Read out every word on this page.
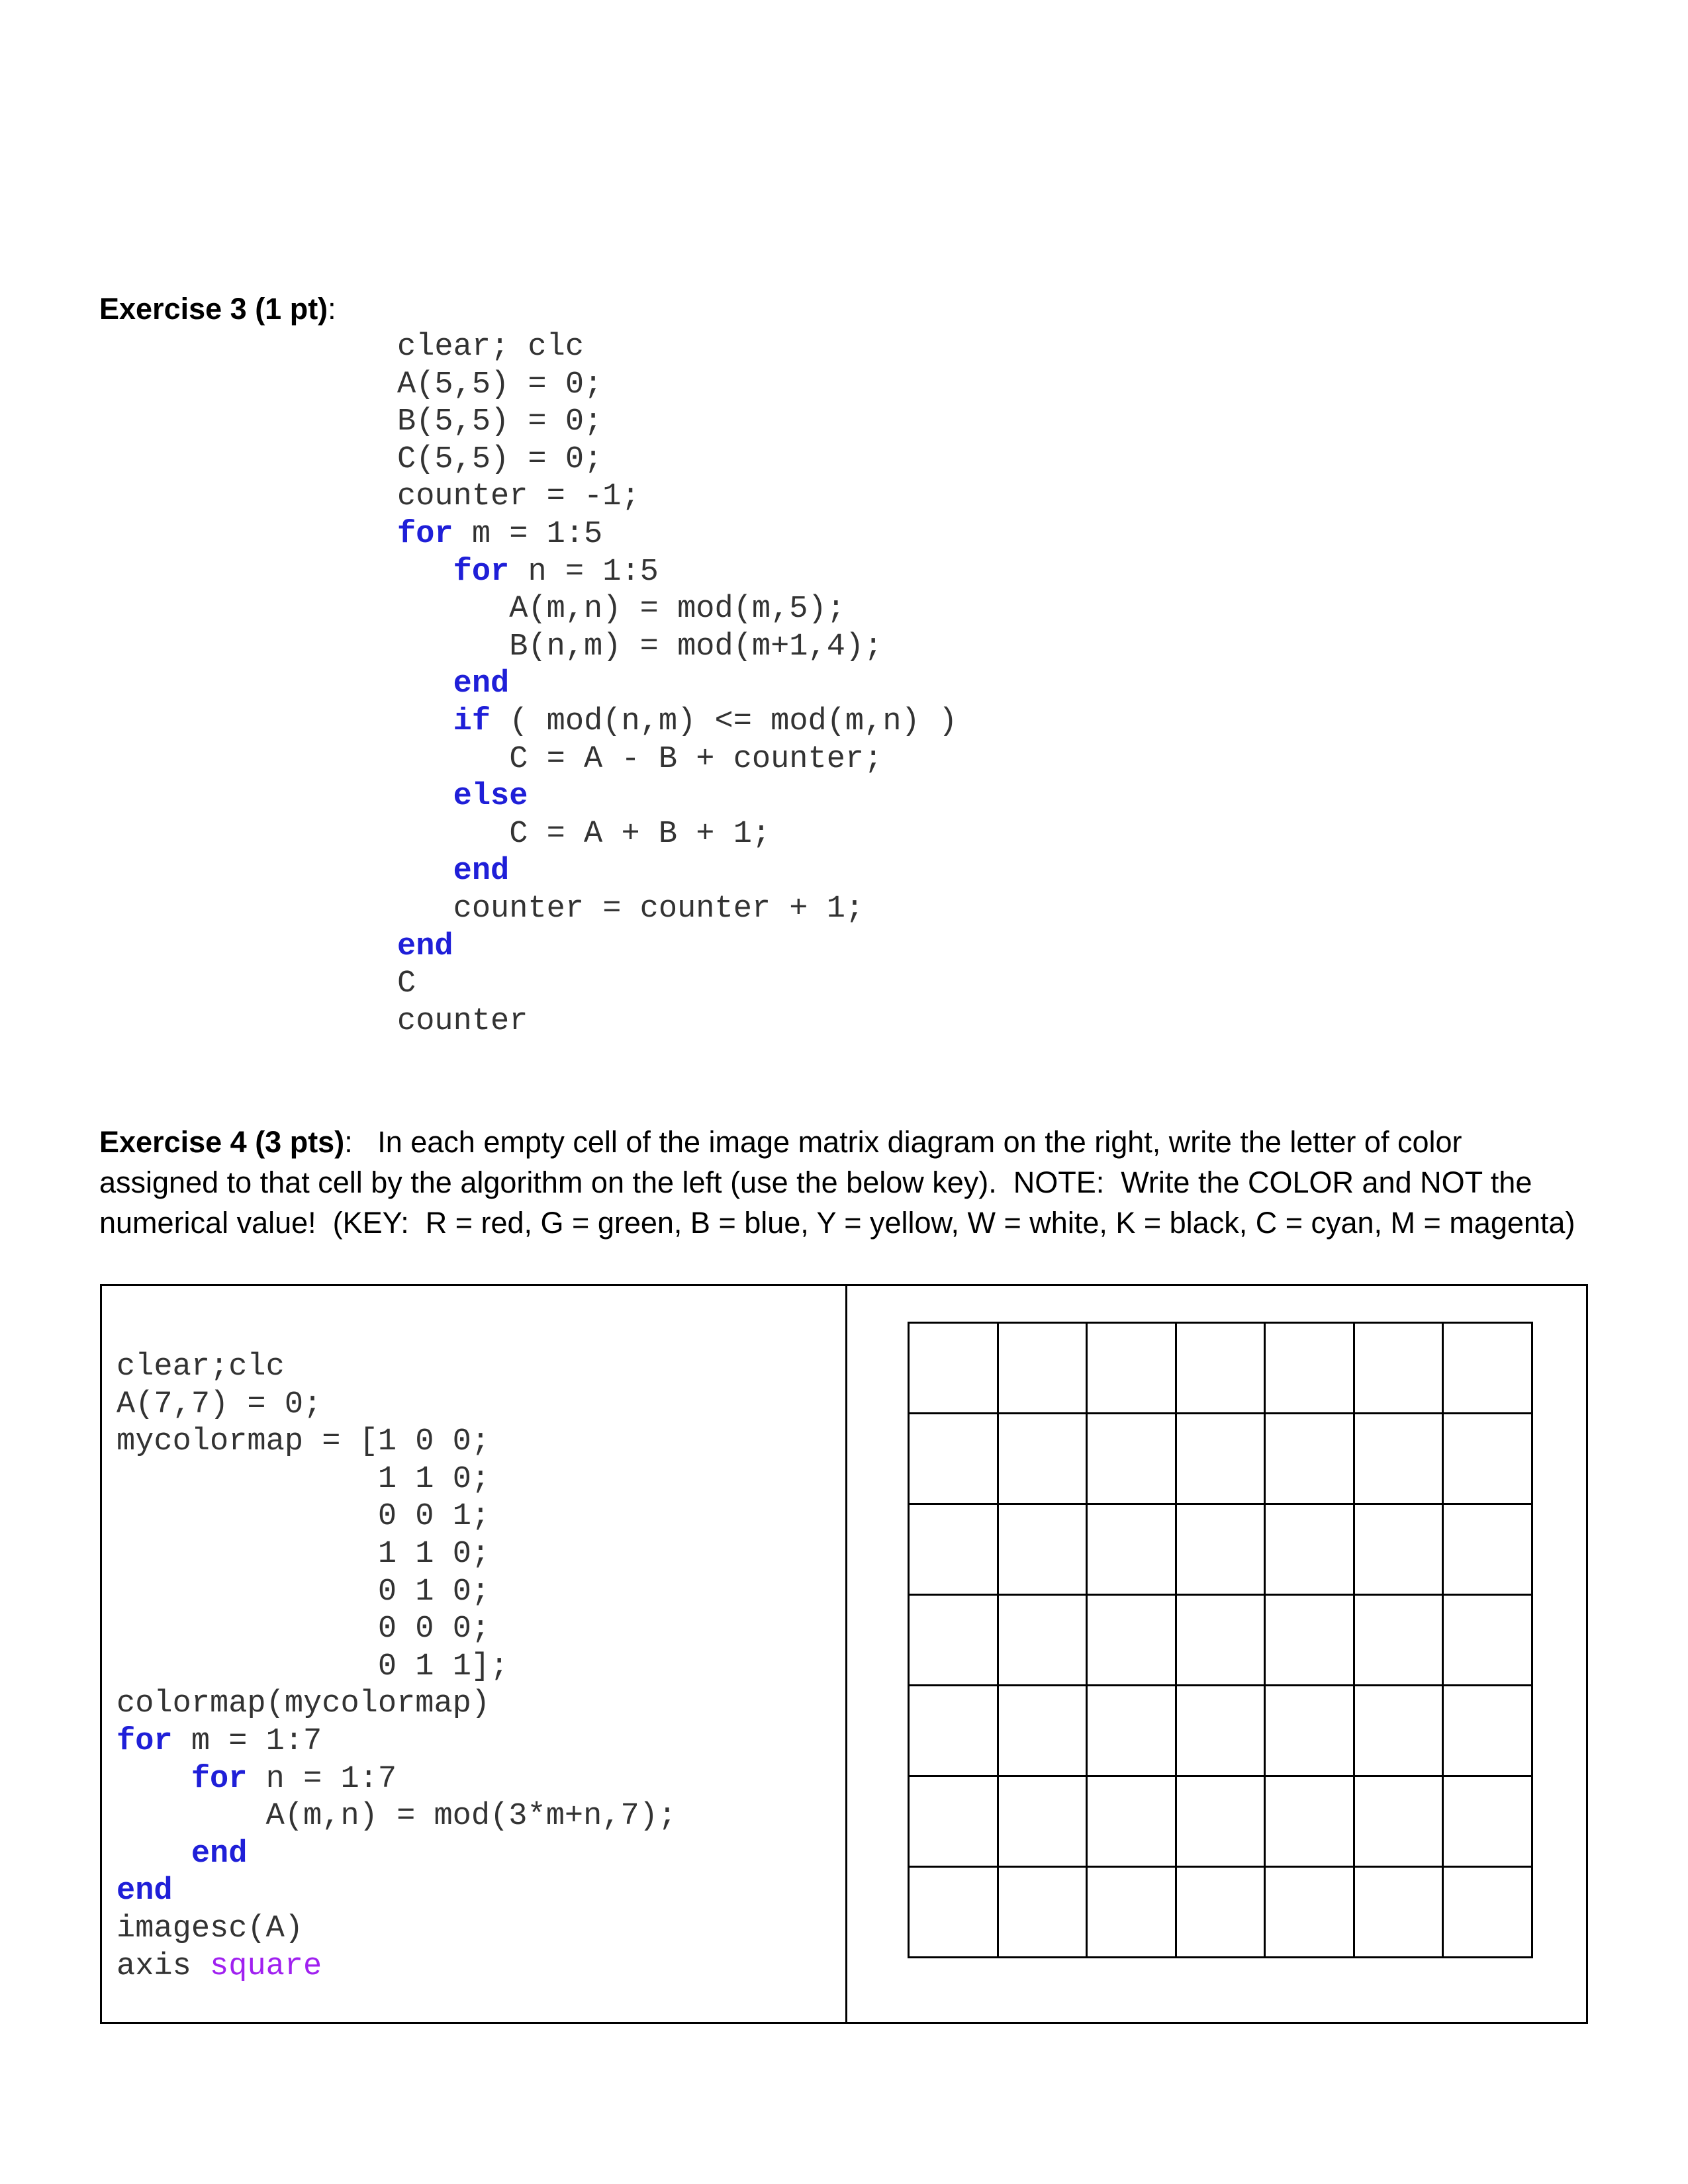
Exercise 3 (1 pt):
clear; clc
A(5,5) = 0;
B(5,5) = 0;
C(5,5) = 0;
counter = -1;
for m = 1:5
for n = 1:5
A(m,n) = mod(m,5);
B(n,m) = mod(m+1,4);
end
if ( mod(n,m) <= mod(m,n) )
C = A - B + counter;
else
C = A + B + 1;
end
counter = counter + 1;
end
C
counter
Exercise 4 (3 pts):   In each empty cell of the image matrix diagram on the right, write the letter of color
assigned to that cell by the algorithm on the left (use the below key).  NOTE:  Write the COLOR and NOT the
numerical value!  (KEY:  R = red, G = green, B = blue, Y = yellow, W = white, K = black, C = cyan, M = magenta)
clear;clc
A(7,7) = 0;
mycolormap = [1 0 0;
1 1 0;
0 0 1;
1 1 0;
0 1 0;
0 0 0;
0 1 1];
colormap(mycolormap)
for m = 1:7
for n = 1:7
A(m,n) = mod(3*m+n,7);
end
end
imagesc(A)
axis square
